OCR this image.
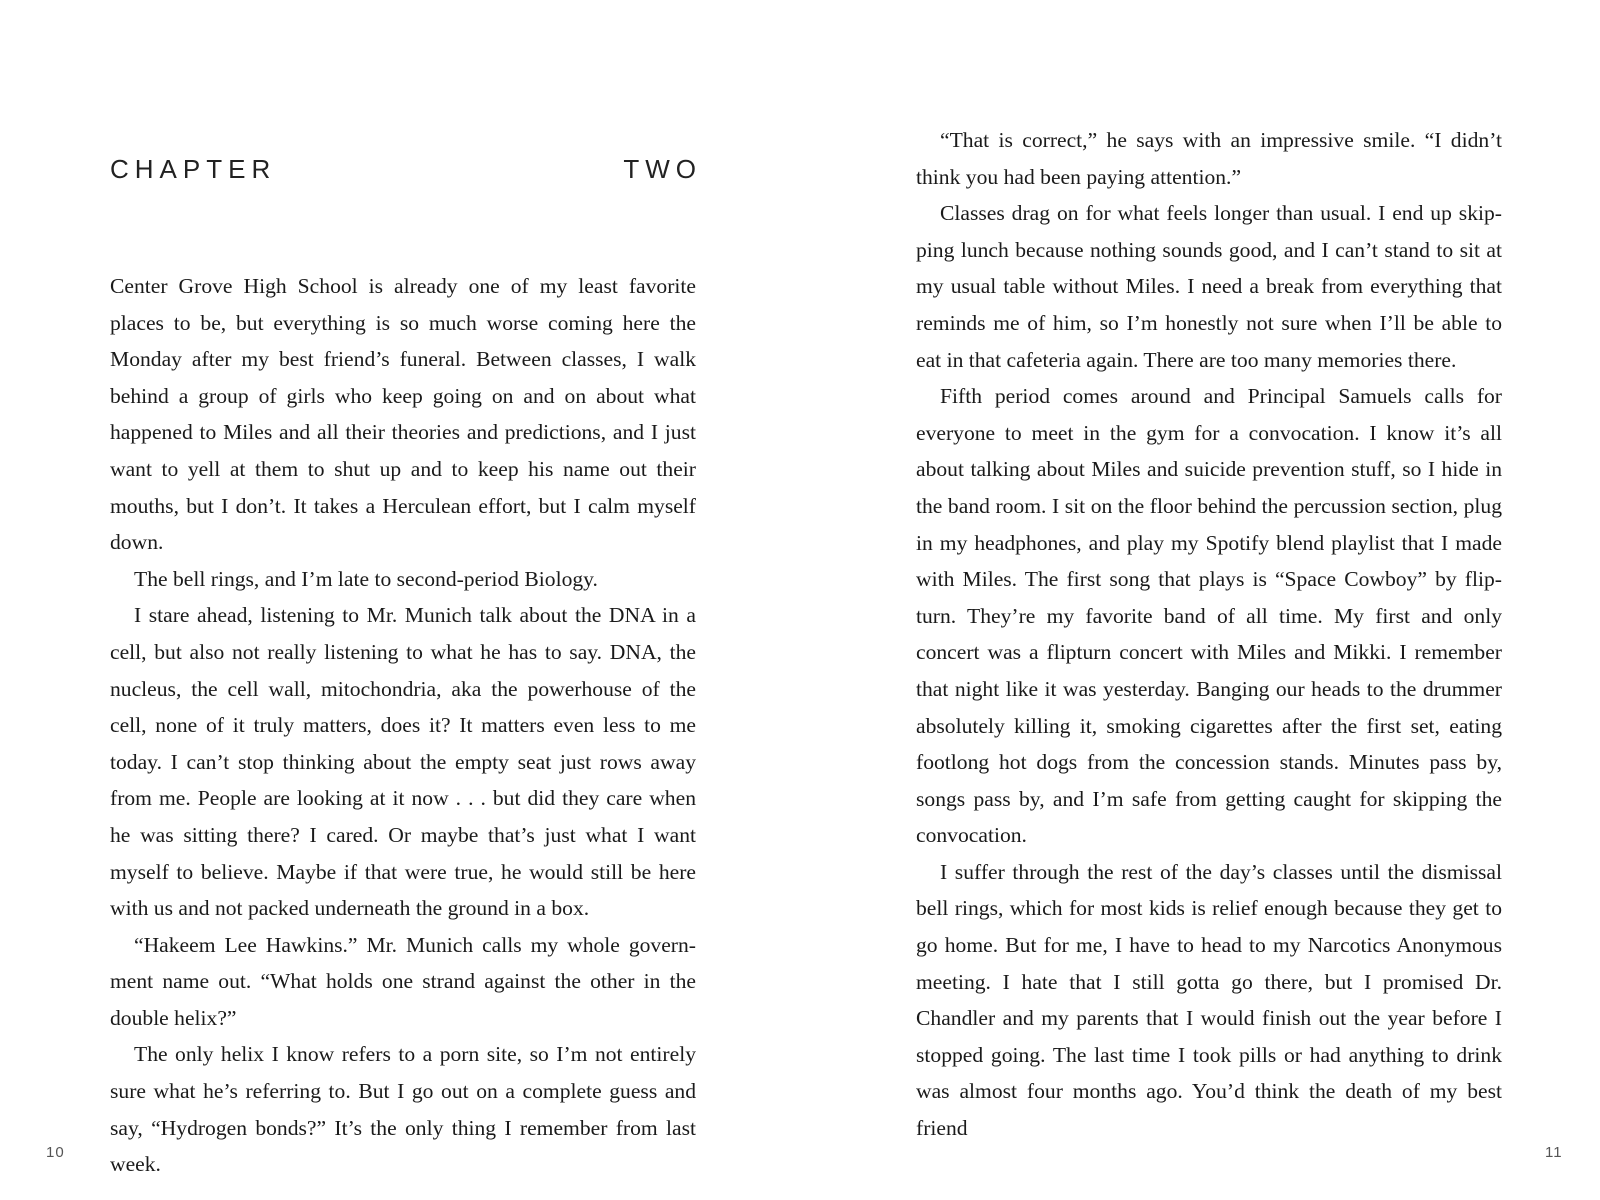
CHAPTER	TWO

Center Grove High School is already one of my least favorite places to be, but everything is so much worse coming here the Monday after my best friend’s funeral. Between classes, I walk behind a group of girls who keep going on and on about what happened to Miles and all their theories and predictions, and I just want to yell at them to shut up and to keep his name out their mouths, but I don’t. It takes a Herculean effort, but I calm myself down.

The bell rings, and I’m late to second-period Biology.

I stare ahead, listening to Mr. Munich talk about the DNA in a cell, but also not really listening to what he has to say. DNA, the nucleus, the cell wall, mitochondria, aka the powerhouse of the cell, none of it truly matters, does it? It matters even less to me today. I can’t stop thinking about the empty seat just rows away from me. People are looking at it now . . . but did they care when he was sitting there? I cared. Or maybe that’s just what I want myself to believe. Maybe if that were true, he would still be here with us and not packed underneath the ground in a box.

“Hakeem Lee Hawkins.” Mr. Munich calls my whole government name out. “What holds one strand against the other in the double helix?”

The only helix I know refers to a porn site, so I’m not entirely sure what he’s referring to. But I go out on a complete guess and say, “Hydrogen bonds?” It’s the only thing I remember from last week.

10

“That is correct,” he says with an impressive smile. “I didn’t think you had been paying attention.”

Classes drag on for what feels longer than usual. I end up skipping lunch because nothing sounds good, and I can’t stand to sit at my usual table without Miles. I need a break from everything that reminds me of him, so I’m honestly not sure when I’ll be able to eat in that cafeteria again. There are too many memories there.

Fifth period comes around and Principal Samuels calls for everyone to meet in the gym for a convocation. I know it’s all about talking about Miles and suicide prevention stuff, so I hide in the band room. I sit on the floor behind the percussion section, plug in my headphones, and play my Spotify blend playlist that I made with Miles. The first song that plays is “Space Cowboy” by flipturn. They’re my favorite band of all time. My first and only concert was a flipturn concert with Miles and Mikki. I remember that night like it was yesterday. Banging our heads to the drummer absolutely killing it, smoking cigarettes after the first set, eating footlong hot dogs from the concession stands. Minutes pass by, songs pass by, and I’m safe from getting caught for skipping the convocation.

I suffer through the rest of the day’s classes until the dismissal bell rings, which for most kids is relief enough because they get to go home. But for me, I have to head to my Narcotics Anonymous meeting. I hate that I still gotta go there, but I promised Dr. Chandler and my parents that I would finish out the year before I stopped going. The last time I took pills or had anything to drink was almost four months ago. You’d think the death of my best friend

11
